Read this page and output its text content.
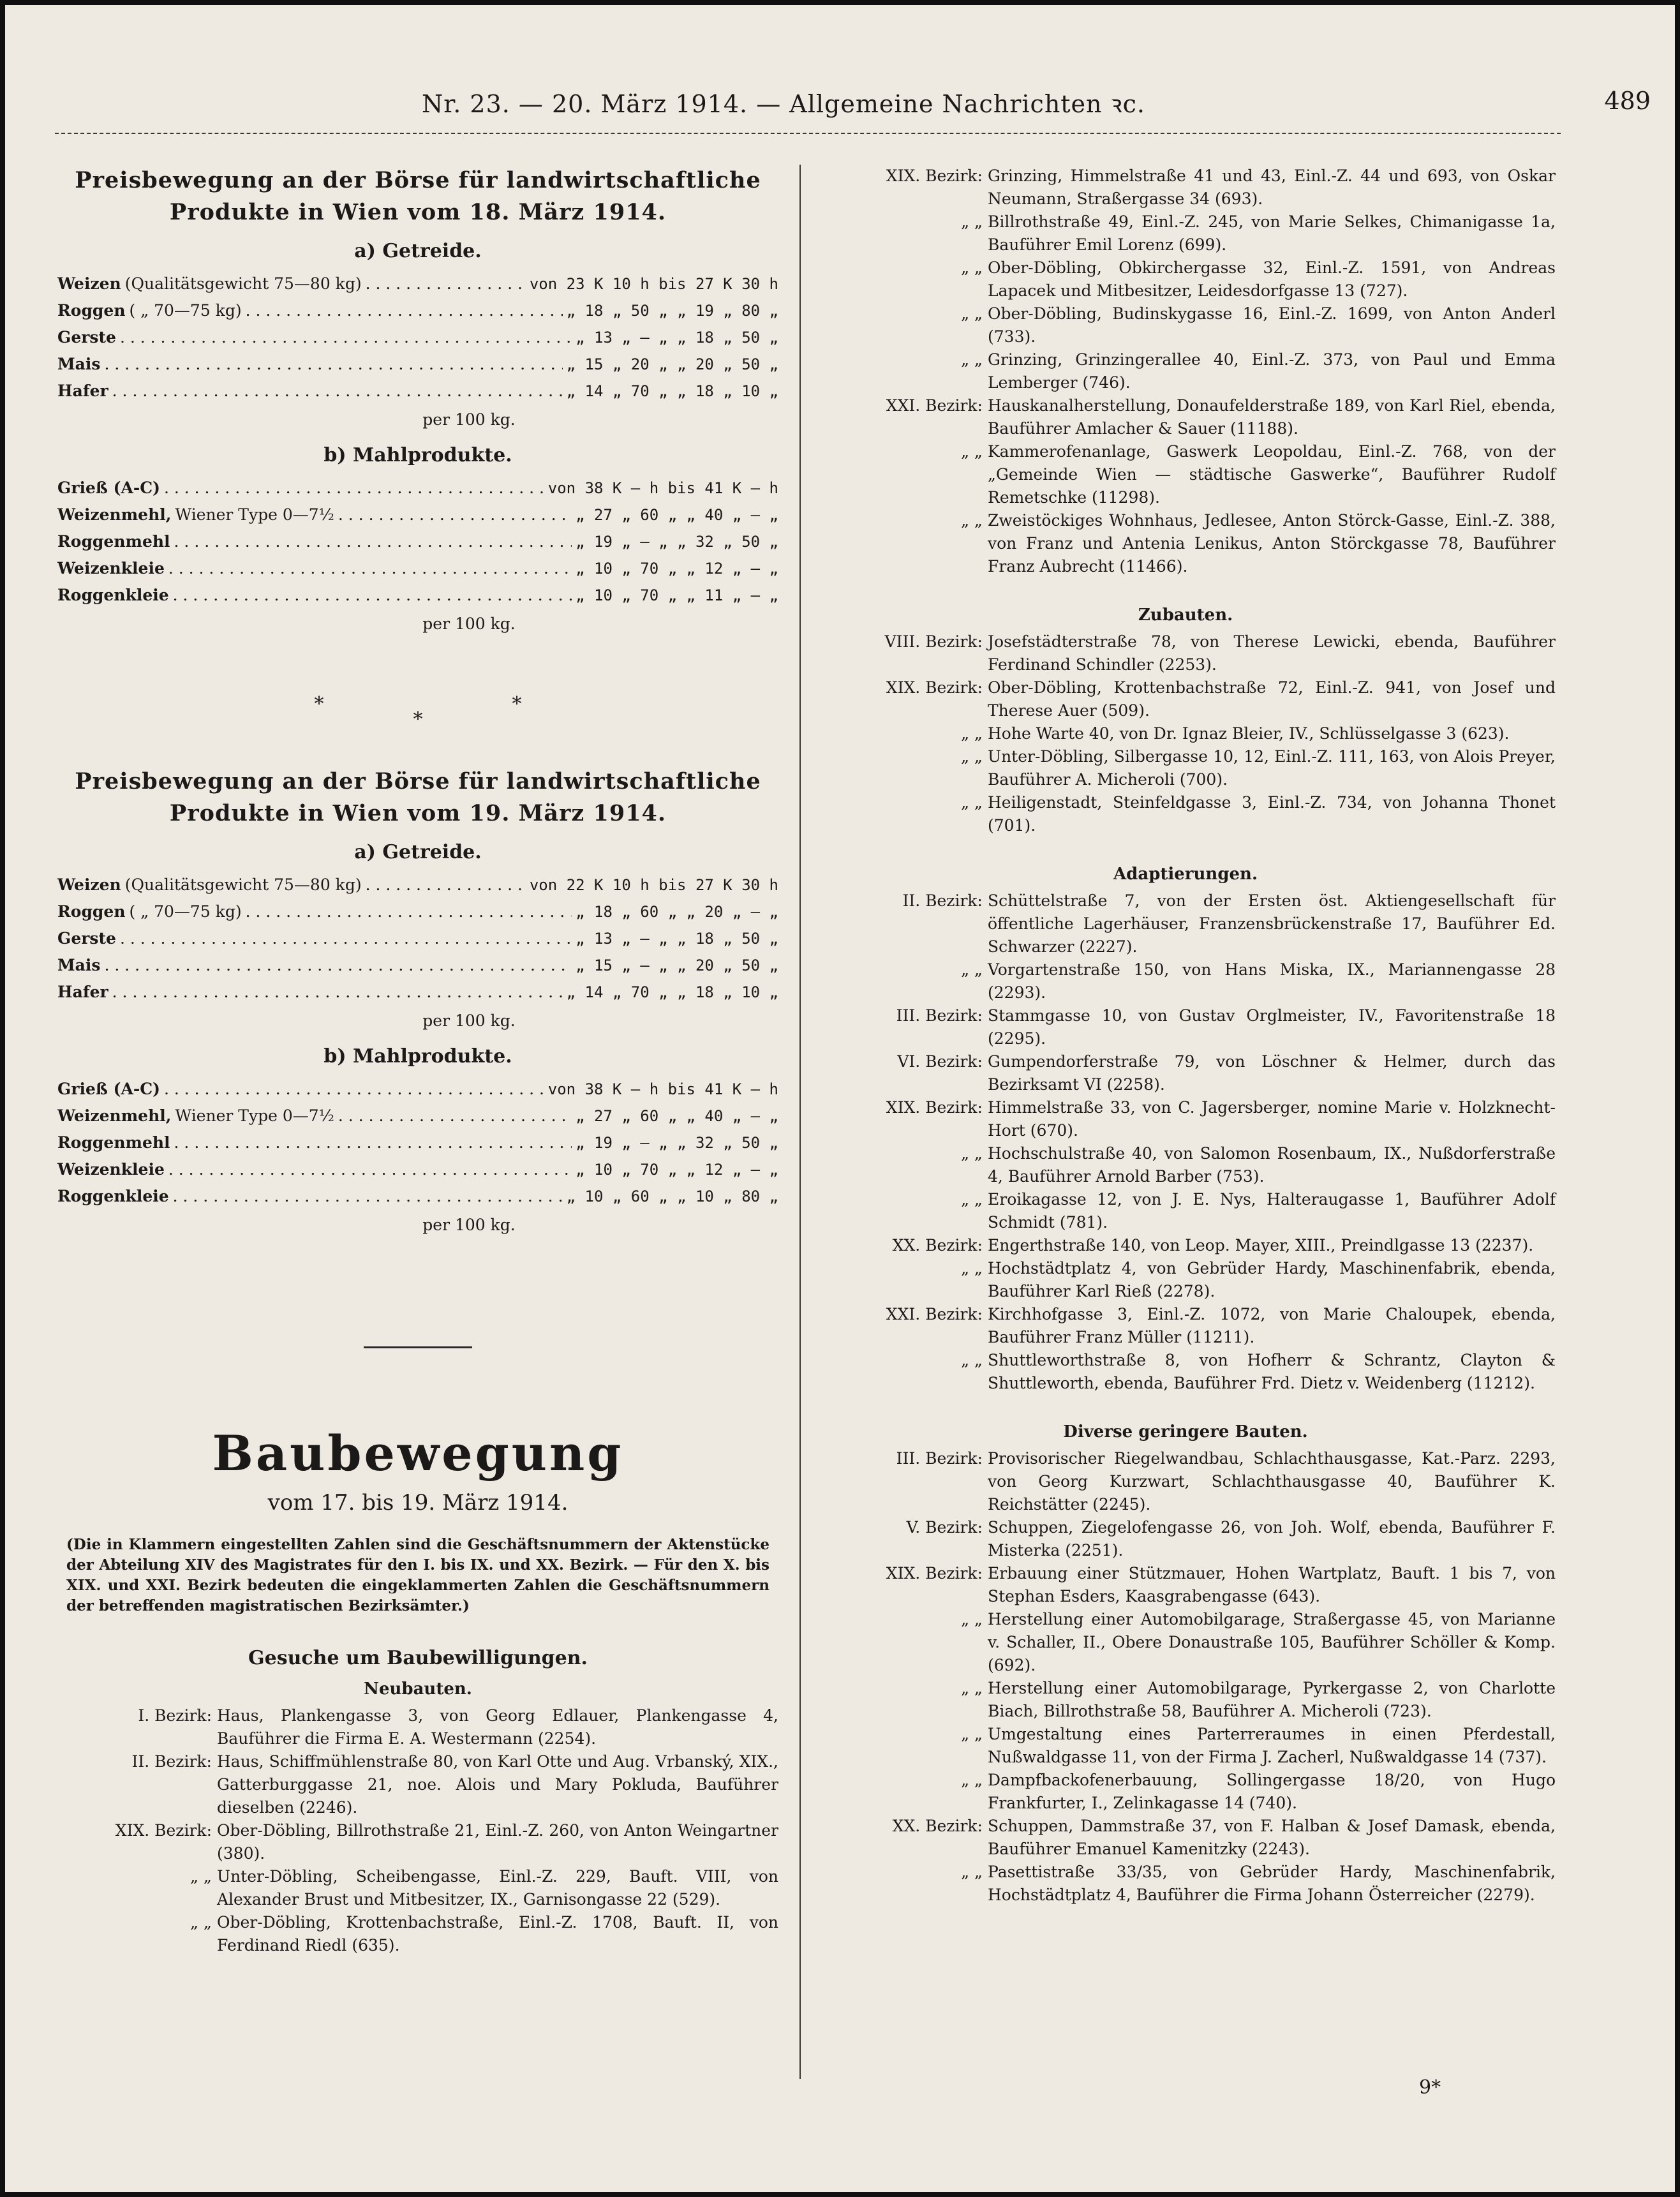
Nr. 23. — 20. März 1914. — Allgemeine Nachrichten ꝛc.	489
Preisbewegung an der Börse für landwirtschaftliche
Produkte in Wien vom 18. März 1914.
a) Getreide.
Weizen (Qualitätsgewicht 75—80 kg) . . .	von 23 K 10 h bis 27 K 30 h
Roggen ( „ 70—75 kg) . . .	„ 18 „ 50 „ „ 19 „ 80 „
Gerste . . .	„ 13 „ — „ „ 18 „ 50 „
Mais . . .	„ 15 „ 20 „ „ 20 „ 50 „
Hafer . . .	„ 14 „ 70 „ „ 18 „ 10 „
per 100 kg.
b) Mahlprodukte.
Grieß (A-C) . . .	von 38 K — h bis 41 K — h
Weizenmehl, Wiener Type 0—7½ . . .	„ 27 „ 60 „ „ 40 „ — „
Roggenmehl . . .	„ 19 „ — „ „ 32 „ 50 „
Weizenkleie . . .	„ 10 „ 70 „ „ 12 „ — „
Roggenkleie . . .	„ 10 „ 70 „ „ 11 „ — „
per 100 kg.
***
Preisbewegung an der Börse für landwirtschaftliche
Produkte in Wien vom 19. März 1914.
a) Getreide.
Weizen (Qualitätsgewicht 75—80 kg) . . .	von 22 K 10 h bis 27 K 30 h
Roggen ( „ 70—75 kg) . . .	„ 18 „ 60 „ „ 20 „ — „
Gerste . . .	„ 13 „ — „ „ 18 „ 50 „
Mais . . .	„ 15 „ — „ „ 20 „ 50 „
Hafer . . .	„ 14 „ 70 „ „ 18 „ 10 „
per 100 kg.
b) Mahlprodukte.
Grieß (A-C) . . .	von 38 K — h bis 41 K — h
Weizenmehl, Wiener Type 0—7½ . . .	„ 27 „ 60 „ „ 40 „ — „
Roggenmehl . . .	„ 19 „ — „ „ 32 „ 50 „
Weizenkleie . . .	„ 10 „ 70 „ „ 12 „ — „
Roggenkleie . . .	„ 10 „ 60 „ „ 10 „ 80 „
per 100 kg.
Baubewegung
vom 17. bis 19. März 1914.
(Die in Klammern eingestellten Zahlen sind die Geschäftsnummern der Aktenstücke der Abteilung XIV des Magistrates für den I. bis IX. und XX. Bezirk. — Für den X. bis XIX. und XXI. Bezirk bedeuten die eingeklammerten Zahlen die Geschäftsnummern der betreffenden magistratischen Bezirksämter.)
Gesuche um Baubewilligungen.
Neubauten.
I. Bezirk: Haus, Plankengasse 3, von Georg Edlauer, Plankengasse 4, Bauführer die Firma E. A. Westermann (2254).
II. Bezirk: Haus, Schiffmühlenstraße 80, von Karl Otte und Aug. Vrbanský, XIX., Gatterburggasse 21, noe. Alois und Mary Pokluda, Bauführer dieselben (2246).
XIX. Bezirk: Ober-Döbling, Billrothstraße 21, Einl.-Z. 260, von Anton Weingartner (380).
„ „ Unter-Döbling, Scheibengasse, Einl.-Z. 229, Bauft. VIII, von Alexander Brust und Mitbesitzer, IX., Garnisongasse 22 (529).
„ „ Ober-Döbling, Krottenbachstraße, Einl.-Z. 1708, Bauft. II, von Ferdinand Riedl (635).
XIX. Bezirk: Grinzing, Himmelstraße 41 und 43, Einl.-Z. 44 und 693, von Oskar Neumann, Straßergasse 34 (693).
„ „ Billrothstraße 49, Einl.-Z. 245, von Marie Selkes, Chimanigasse 1a, Bauführer Emil Lorenz (699).
„ „ Ober-Döbling, Obkirchergasse 32, Einl.-Z. 1591, von Andreas Lapacek und Mitbesitzer, Leidesdorfgasse 13 (727).
„ „ Ober-Döbling, Budinskygasse 16, Einl.-Z. 1699, von Anton Anderl (733).
„ „ Grinzing, Grinzingerallee 40, Einl.-Z. 373, von Paul und Emma Lemberger (746).
XXI. Bezirk: Hauskanalherstellung, Donaufelderstraße 189, von Karl Riel, ebenda, Bauführer Amlacher & Sauer (11188).
„ „ Kammerofenanlage, Gaswerk Leopoldau, Einl.-Z. 768, von der „Gemeinde Wien — städtische Gaswerke“, Bauführer Rudolf Remetschke (11298).
„ „ Zweistöckiges Wohnhaus, Jedlesee, Anton Störck-Gasse, Einl.-Z. 388, von Franz und Antenia Lenikus, Anton Störckgasse 78, Bauführer Franz Aubrecht (11466).
Zubauten.
VIII. Bezirk: Josefstädterstraße 78, von Therese Lewicki, ebenda, Bauführer Ferdinand Schindler (2253).
XIX. Bezirk: Ober-Döbling, Krottenbachstraße 72, Einl.-Z. 941, von Josef und Therese Auer (509).
„ „ Hohe Warte 40, von Dr. Ignaz Bleier, IV., Schlüsselgasse 3 (623).
„ „ Unter-Döbling, Silbergasse 10, 12, Einl.-Z. 111, 163, von Alois Preyer, Bauführer A. Micheroli (700).
„ „ Heiligenstadt, Steinfeldgasse 3, Einl.-Z. 734, von Johanna Thonet (701).
Adaptierungen.
II. Bezirk: Schüttelstraße 7, von der Ersten öst. Aktiengesellschaft für öffentliche Lagerhäuser, Franzensbrückenstraße 17, Bauführer Ed. Schwarzer (2227).
„ „ Vorgartenstraße 150, von Hans Miska, IX., Mariannengasse 28 (2293).
III. Bezirk: Stammgasse 10, von Gustav Orglmeister, IV., Favoritenstraße 18 (2295).
VI. Bezirk: Gumpendorferstraße 79, von Löschner & Helmer, durch das Bezirksamt VI (2258).
XIX. Bezirk: Himmelstraße 33, von C. Jagersberger, nomine Marie v. Holzknecht-Hort (670).
„ „ Hochschulstraße 40, von Salomon Rosenbaum, IX., Nußdorferstraße 4, Bauführer Arnold Barber (753).
„ „ Eroikagasse 12, von J. E. Nys, Halteraugasse 1, Bauführer Adolf Schmidt (781).
XX. Bezirk: Engerthstraße 140, von Leop. Mayer, XIII., Preindlgasse 13 (2237).
„ „ Hochstädtplatz 4, von Gebrüder Hardy, Maschinenfabrik, ebenda, Bauführer Karl Rieß (2278).
XXI. Bezirk: Kirchhofgasse 3, Einl.-Z. 1072, von Marie Chaloupek, ebenda, Bauführer Franz Müller (11211).
„ „ Shuttleworthstraße 8, von Hofherr & Schrantz, Clayton & Shuttleworth, ebenda, Bauführer Frd. Dietz v. Weidenberg (11212).
Diverse geringere Bauten.
III. Bezirk: Provisorischer Riegelwandbau, Schlachthausgasse, Kat.-Parz. 2293, von Georg Kurzwart, Schlachthausgasse 40, Bauführer K. Reichstätter (2245).
V. Bezirk: Schuppen, Ziegelofengasse 26, von Joh. Wolf, ebenda, Bauführer F. Misterka (2251).
XIX. Bezirk: Erbauung einer Stützmauer, Hohen Wartplatz, Bauft. 1 bis 7, von Stephan Esders, Kaasgrabengasse (643).
„ „ Herstellung einer Automobilgarage, Straßergasse 45, von Marianne v. Schaller, II., Obere Donaustraße 105, Bauführer Schöller & Komp. (692).
„ „ Herstellung einer Automobilgarage, Pyrkergasse 2, von Charlotte Biach, Billrothstraße 58, Bauführer A. Micheroli (723).
„ „ Umgestaltung eines Parterreraumes in einen Pferdestall, Nußwaldgasse 11, von der Firma J. Zacherl, Nußwaldgasse 14 (737).
„ „ Dampfbackofenerbauung, Sollingergasse 18/20, von Hugo Frankfurter, I., Zelinkagasse 14 (740).
XX. Bezirk: Schuppen, Dammstraße 37, von F. Halban & Josef Damask, ebenda, Bauführer Emanuel Kamenitzky (2243).
„ „ Pasettistraße 33/35, von Gebrüder Hardy, Maschinenfabrik, Hochstädtplatz 4, Bauführer die Firma Johann Österreicher (2279).
9*
